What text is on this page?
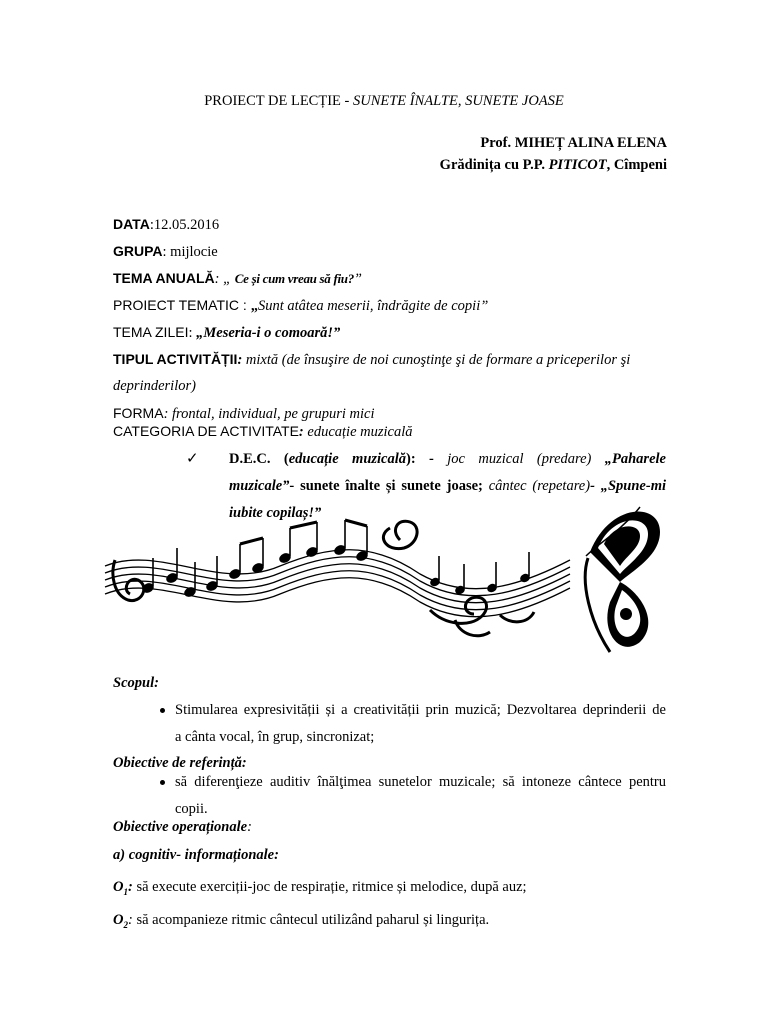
PROIECT DE LECȚIE - SUNETE ÎNALTE, SUNETE JOASE
Prof. MIHEȚ ALINA ELENA
Grădinița cu P.P. PITICOT, Cîmpeni
DATA:12.05.2016
GRUPA: mijlocie
TEMA ANUALĂ: „ Ce și cum vreau să fiu?”
PROIECT TEMATIC : „Sunt atâtea meserii, îndrăgite de copii”
TEMA ZILEI: „Meseria-i o comoară!”
TIPUL ACTIVITĂȚII: mixtă (de însuşire de noi cunoştinţe şi de formare a priceperilor şi
deprinderilor)
FORMA: frontal, individual, pe grupuri mici
CATEGORIA DE ACTIVITATE: educație muzicală
✓ D.E.C. (educație muzicală): - joc muzical (predare) „Paharele
muzicale”- sunete înalte și sunete joase; cântec (repetare)- „Spune-mi
iubite copilaș!”
Scopul:
Stimularea expresivității și a creativității prin muzică; Dezvoltarea deprinderii de
a cânta vocal, în grup, sincronizat;
Obiective de referință:
să diferenţieze auditiv înălţimea sunetelor muzicale; să intoneze cântece pentru
copii.
Obiective operaționale:
a) cognitiv- informaționale:
$O_1$: să execute exerciții-joc de respirație, ritmice și melodice, după auz;
$O_2$: să acompanieze ritmic cântecul utilizând paharul și lingurița.
